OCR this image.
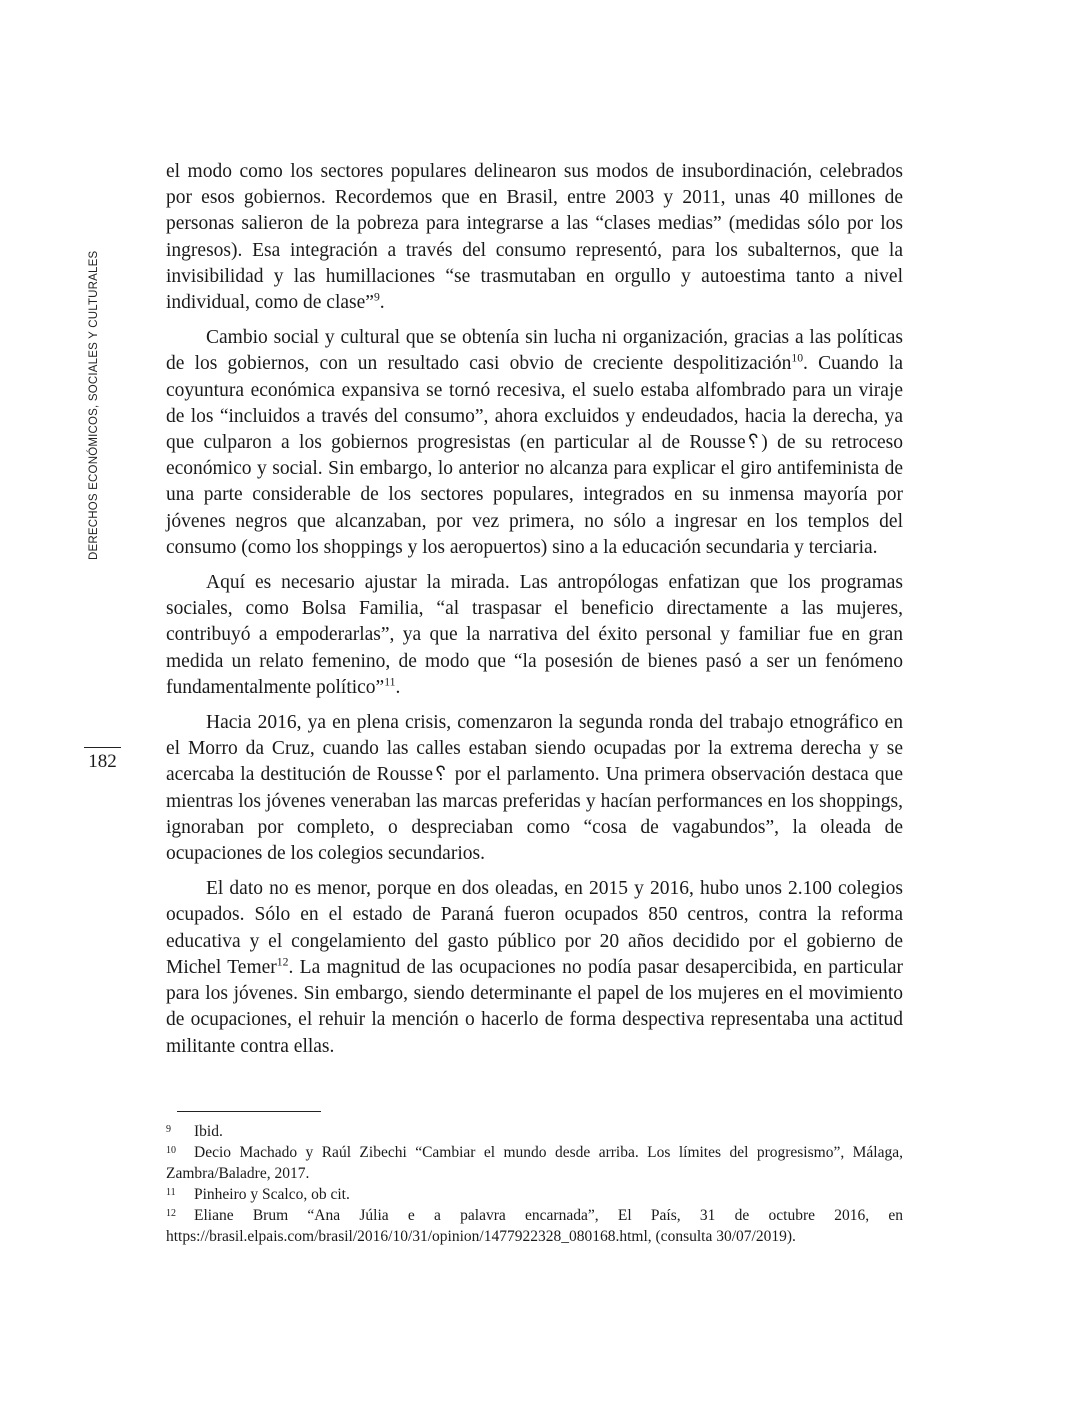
DERECHOS ECONÓMICOS, SOCIALES Y CULTURALES
182

el modo como los sectores populares delinearon sus modos de insubordinación, celebrados por esos gobiernos. Recordemos que en Brasil, entre 2003 y 2011, unas 40 millones de personas salieron de la pobreza para integrarse a las “clases medias” (medidas sólo por los ingresos). Esa integración a través del consumo representó, para los subalternos, que la invisibilidad y las humillaciones “se trasmutaban en orgullo y autoestima tanto a nivel individual, como de clase”$^9$.

Cambio social y cultural que se obtenía sin lucha ni organización, gracias a las políticas de los gobiernos, con un resultado casi obvio de creciente despolitización$^{10}$. Cuando la coyuntura económica expansiva se tornó recesiva, el suelo estaba alfombrado para un viraje de los “incluidos a través del consumo”, ahora excluidos y endeudados, hacia la derecha, ya que culparon a los gobiernos progresistas (en particular al de Rousse␦) de su retroceso económico y social. Sin embargo, lo anterior no alcanza para explicar el giro antifeminista de una parte considerable de los sectores populares, integrados en su inmensa mayoría por jóvenes negros que alcanzaban, por vez primera, no sólo a ingresar en los templos del consumo (como los shoppings y los aeropuertos) sino a la educación secundaria y terciaria.

Aquí es necesario ajustar la mirada. Las antropólogas enfatizan que los programas sociales, como Bolsa Familia, “al traspasar el beneficio directamente a las mujeres, contribuyó a empoderarlas”, ya que la narrativa del éxito personal y familiar fue en gran medida un relato femenino, de modo que “la posesión de bienes pasó a ser un fenómeno fundamentalmente político”$^{11}$.

Hacia 2016, ya en plena crisis, comenzaron la segunda ronda del trabajo etnográfico en el Morro da Cruz, cuando las calles estaban siendo ocupadas por la extrema derecha y se acercaba la destitución de Rousse␦ por el parlamento. Una primera observación destaca que mientras los jóvenes veneraban las marcas preferidas y hacían performances en los shoppings, ignoraban por completo, o despreciaban como “cosa de vagabundos”, la oleada de ocupaciones de los colegios secundarios.

El dato no es menor, porque en dos oleadas, en 2015 y 2016, hubo unos 2.100 colegios ocupados. Sólo en el estado de Paraná fueron ocupados 850 centros, contra la reforma educativa y el congelamiento del gasto público por 20 años decidido por el gobierno de Michel Temer$^{12}$. La magnitud de las ocupaciones no podía pasar desapercibida, en particular para los jóvenes. Sin embargo, siendo determinante el papel de los mujeres en el movimiento de ocupaciones, el rehuir la mención o hacerlo de forma despectiva representaba una actitud militante contra ellas.

9 Ibid.

10 Decio Machado y Raúl Zibechi “Cambiar el mundo desde arriba. Los límites del progresismo”, Málaga, Zambra/Baladre, 2017.

11 Pinheiro y Scalco, ob cit.

12 Eliane Brum “Ana Júlia e a palavra encarnada”, El País, 31 de octubre 2016, en https://brasil.elpais.com/brasil/2016/10/31/opinion/1477922328_080168.html, (consulta 30/07/2019).
